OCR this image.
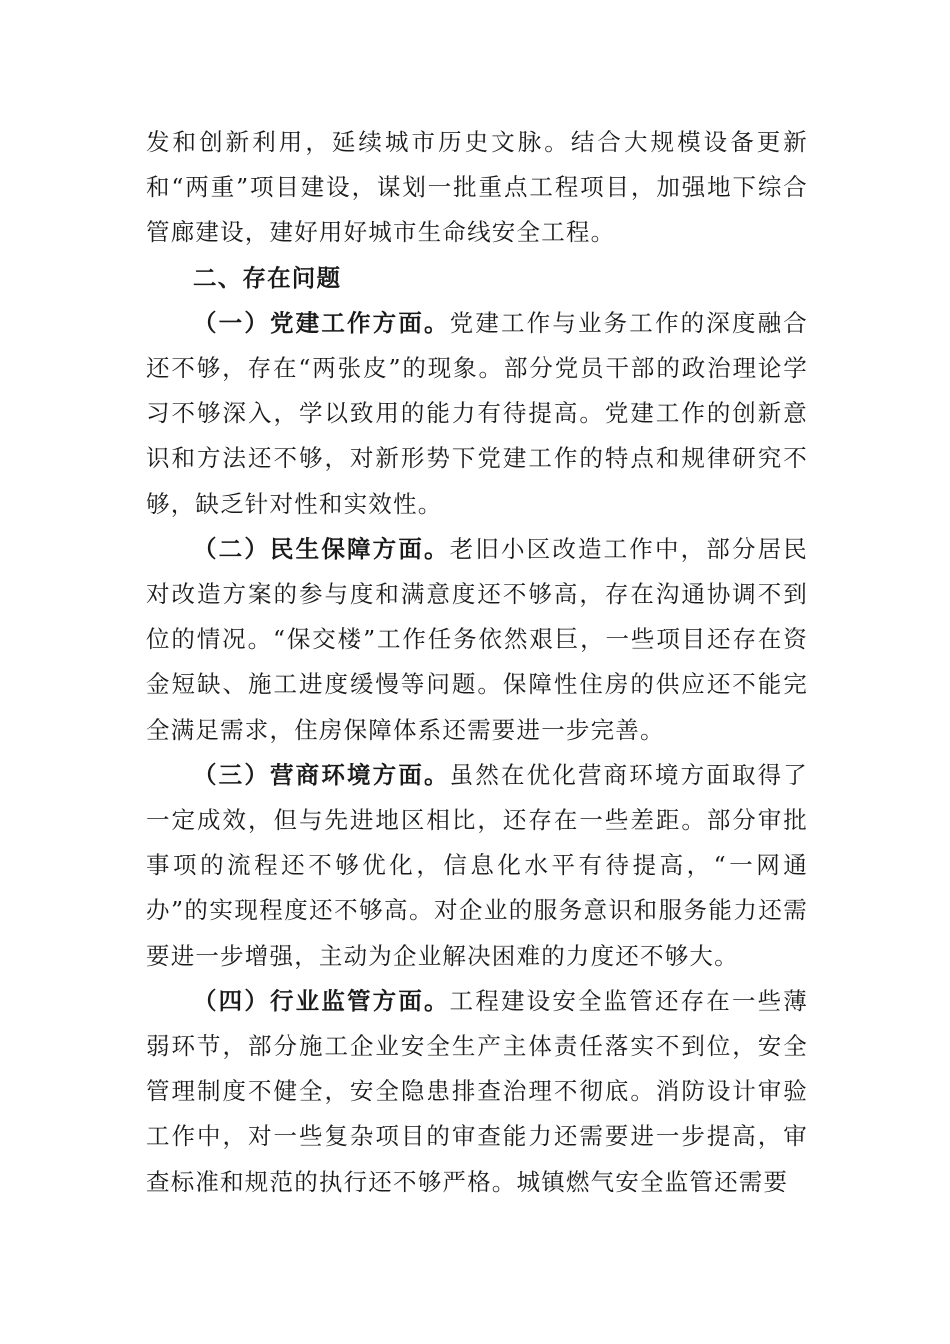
发和创新利用，延续城市历史文脉。结合大规模设备更新和“两重”项目建设，谋划一批重点工程项目，加强地下综合管廊建设，建好用好城市生命线安全工程。

二、存在问题

（一）党建工作方面。党建工作与业务工作的深度融合还不够，存在“两张皮”的现象。部分党员干部的政治理论学习不够深入，学以致用的能力有待提高。党建工作的创新意识和方法还不够，对新形势下党建工作的特点和规律研究不够，缺乏针对性和实效性。

（二）民生保障方面。老旧小区改造工作中，部分居民对改造方案的参与度和满意度还不够高，存在沟通协调不到位的情况。“保交楼”工作任务依然艰巨，一些项目还存在资金短缺、施工进度缓慢等问题。保障性住房的供应还不能完全满足需求，住房保障体系还需要进一步完善。

（三）营商环境方面。虽然在优化营商环境方面取得了一定成效，但与先进地区相比，还存在一些差距。部分审批事项的流程还不够优化，信息化水平有待提高，“一网通办”的实现程度还不够高。对企业的服务意识和服务能力还需要进一步增强，主动为企业解决困难的力度还不够大。

（四）行业监管方面。工程建设安全监管还存在一些薄弱环节，部分施工企业安全生产主体责任落实不到位，安全管理制度不健全，安全隐患排查治理不彻底。消防设计审验工作中，对一些复杂项目的审查能力还需要进一步提高，审查标准和规范的执行还不够严格。城镇燃气安全监管还需要
